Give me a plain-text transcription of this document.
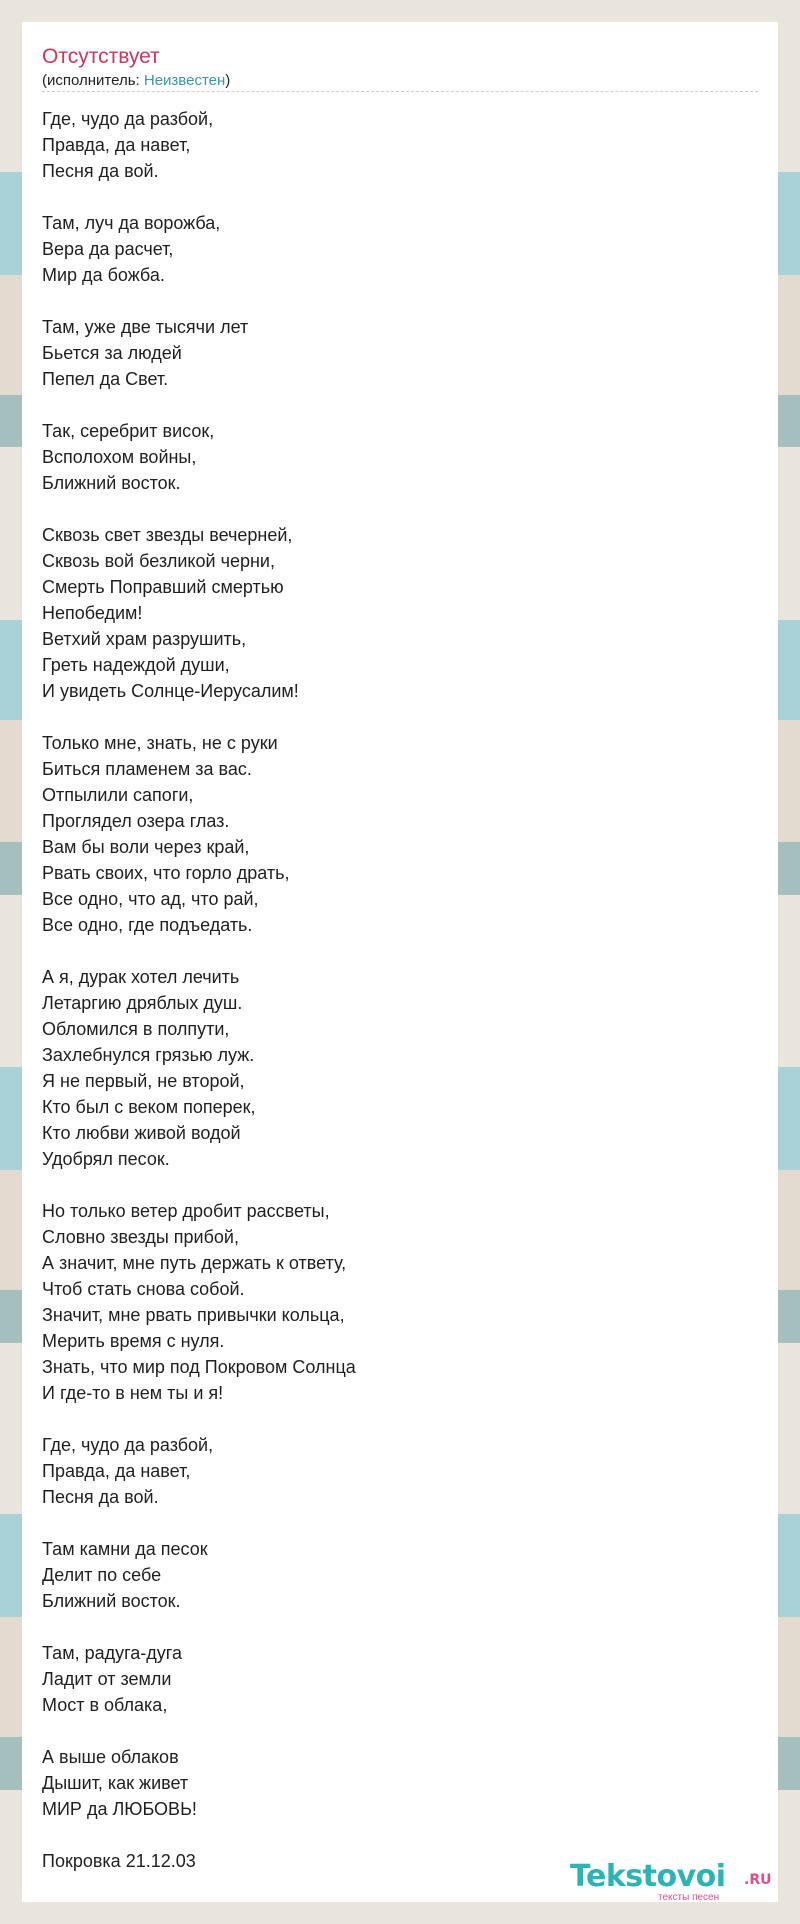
Отсутствует
(исполнитель: Неизвестен)
Где, чудо да разбой,
Правда, да навет,
Песня да вой.
Там, луч да ворожба,
Вера да расчет,
Мир да божба.
Там, уже две тысячи лет
Бьется за людей
Пепел да Свет.
Так, серебрит висок,
Всполохом войны,
Ближний восток.
Сквозь свет звезды вечерней,
Сквозь вой безликой черни,
Смерть Поправший смертью
Непобедим!
Ветхий храм разрушить,
Греть надеждой души,
И увидеть Солнце-Иерусалим!
Только мне, знать, не с руки
Биться пламенем за вас.
Отпылили сапоги,
Проглядел озера глаз.
Вам бы воли через край,
Рвать своих, что горло драть,
Все одно, что ад, что рай,
Все одно, где подъедать.
А я, дурак хотел лечить
Летаргию дряблых душ.
Обломился в полпути,
Захлебнулся грязью луж.
Я не первый, не второй,
Кто был с веком поперек,
Кто любви живой водой
Удобрял песок.
Но только ветер дробит рассветы,
Словно звезды прибой,
А значит, мне путь держать к ответу,
Чтоб стать снова собой.
Значит, мне рвать привычки кольца,
Мерить время с нуля.
Знать, что мир под Покровом Солнца
И где-то в нем ты и я!
Где, чудо да разбой,
Правда, да навет,
Песня да вой.
Там камни да песок
Делит по себе
Ближний восток.
Там, радуга-дуга
Ладит от земли
Мост в облака,
А выше облаков
Дышит, как живет
МИР да ЛЮБОВЬ!
Покровка 21.12.03	Tekstovoi .RU
тексты песен
